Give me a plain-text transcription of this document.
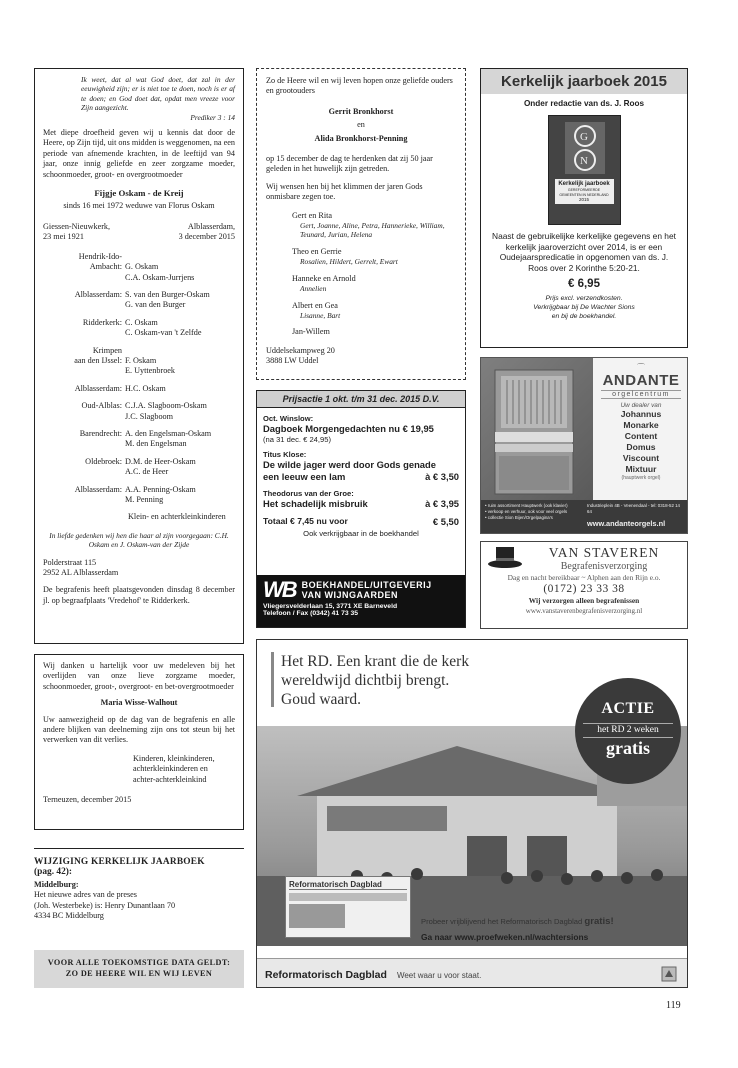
Ik weet, dat al wat God doet, dat zal in der eeuwigheid zijn; er is niet toe te doen, noch is er af te doen; en God doet dat, opdat men vreeze voor Zijn aangezicht.

Prediker 3 : 14

Met diepe droefheid geven wij u kennis dat door de Heere, op Zijn tijd, uit ons midden is weggenomen, na een periode van afnemende krachten, in de leeftijd van 94 jaar, onze innig geliefde en zeer zorgzame moeder, schoonmoeder, groot- en overgrootmoeder

Fijgje Oskam - de Kreij

sinds 16 mei 1972 weduwe van Florus Oskam

Giessen-Nieuwkerk,

23 mei 1921

Alblasserdam,

3 december 2015

Hendrik-Ido-
Ambacht: G. Oskam
C.A. Oskam-Jurrjens
Alblasserdam: S. van den Burger-Oskam
G. van den Burger
Ridderkerk: C. Oskam
C. Oskam-van 't Zelfde
Krimpen
aan den IJssel: F. Oskam
E. Uyttenbroek
Alblasserdam: H.C. Oskam
Oud-Alblas: C.J.A. Slagboom-Oskam
J.C. Slagboom
Barendrecht: A. den Engelsman-Oskam
M. den Engelsman
Oldebroek: D.M. de Heer-Oskam
A.C. de Heer
Alblasserdam: A.A. Penning-Oskam
M. Penning

Klein- en achterkleinkinderen

In liefde gedenken wij hen die haar al zijn voorgegaan: C.H. Oskam en J. Oskam-van der Zijde

Polderstraat 115

2952 AL Alblasserdam

De begrafenis heeft plaatsgevonden dinsdag 8 december jl. op begraafplaats 'Vredehof' te Ridderkerk.

Zo de Heere wil en wij leven hopen onze geliefde ouders en grootouders

Gerrit Bronkhorst

en

Alida Bronkhorst-Penning

op 15 december de dag te herdenken dat zij 50 jaar geleden in het huwelijk zijn getreden.

Wij wensen hen bij het klimmen der jaren Gods onmisbare zegen toe.

Gert en Rita

Gert, Joanne, Aline, Petra, Hannerieke, William, Teunard, Jurian, Helena

Theo en Gerrie

Rosalien, Hildert, Gerrelt, Ewart

Hanneke en Arnold

Annelien

Albert en Gea

Lisanne, Bart

Jan-Willem

Uddelsekampweg 20

3888 LW Uddel

Prijsactie 1 okt. t/m 31 dec. 2015 D.V.

Oct. Winslow:

Dagboek Morgengedachten nu € 19,95

(na 31 dec. € 24,95)

Titus Klose:

De wilde jager werd door Gods genade

een leeuw een lam	à € 3,50

Theodorus van der Groe:

Het schadelijk misbruik	à € 3,95
Totaal € 7,45 nu voor	€ 5,50

Ook verkrijgbaar in de boekhandel

WB BOEKHANDEL/UITGEVERIJ

VAN WIJNGAARDEN

Vliegersvelderlaan 15, 3771 XE Barneveld

Telefoon / Fax (0342) 41 73 35

Kerkelijk jaarboek 2015

Onder redactie van ds. J. Roos

G
N

Kerkelijk jaarboek

GEREFORMEERDE GEMEENTEN IN NEDERLAND

2015

Naast de gebruikelijke kerkelijke gegevens en het kerkelijk jaaroverzicht over 2014, is er een Oudejaarspredicatie in opgenomen van ds. J. Roos over 2 Korinthe 5:20-21.

€ 6,95

Prijs excl. verzendkosten.

Verkrijgbaar bij De Wachter Sions

en bij de boekhandel.

⌒

ANDANTE

orgelcentrum

Uw dealer van

Johannus

Monarke

Content

Domus

Viscount

Mixtuur

(hauptwerk orgel)

• ruim assortiment Hauptwerk (ook klavier)

• verkoop en verhuur, ook voor veel orgels

• collectie Sion Bijen/Orgelpagina's

Industrieplein 4B - Veenendaal - tel: 0318-52 14 64

www.andanteorgels.nl

VAN STAVEREN

Begrafenisverzorging

Dag en nacht bereikbaar ~ Alphen aan den Rijn e.o.

(0172) 23 33 38

Wij verzorgen alleen begrafenissen

www.vanstaverenbegrafenisverzorging.nl

Wij danken u hartelijk voor uw medeleven bij het overlijden van onze lieve zorgzame moeder, schoonmoeder, groot-, overgroot- en bet-overgrootmoeder

Maria Wisse-Walhout

Uw aanwezigheid op de dag van de begrafenis en alle andere blijken van deelneming zijn ons tot steun bij het verwerken van dit verlies.

Kinderen, kleinkinderen,

achterkleinkinderen en

achter-achterkleinkind

Terneuzen, december 2015

WIJZIGING KERKELIJK JAARBOEK

(pag. 42):

Middelburg:

Het nieuwe adres van de preses

(Joh. Westerbeke) is: Henry Dunantlaan 70

4334 BC Middelburg

VOOR ALLE TOEKOMSTIGE DATA GELDT:

ZO DE HEERE WIL EN WIJ LEVEN

Het RD. Een krant die de kerk

wereldwijd dichtbij brengt.

Goud waard.

ACTIE

het RD 2 weken

gratis

Reformatorisch Dagblad

Probeer vrijblijvend het Reformatorisch Dagblad gratis!

Ga naar www.proefweken.nl/wachtersions

Reformatorisch Dagblad Weet waar u voor staat.

119
